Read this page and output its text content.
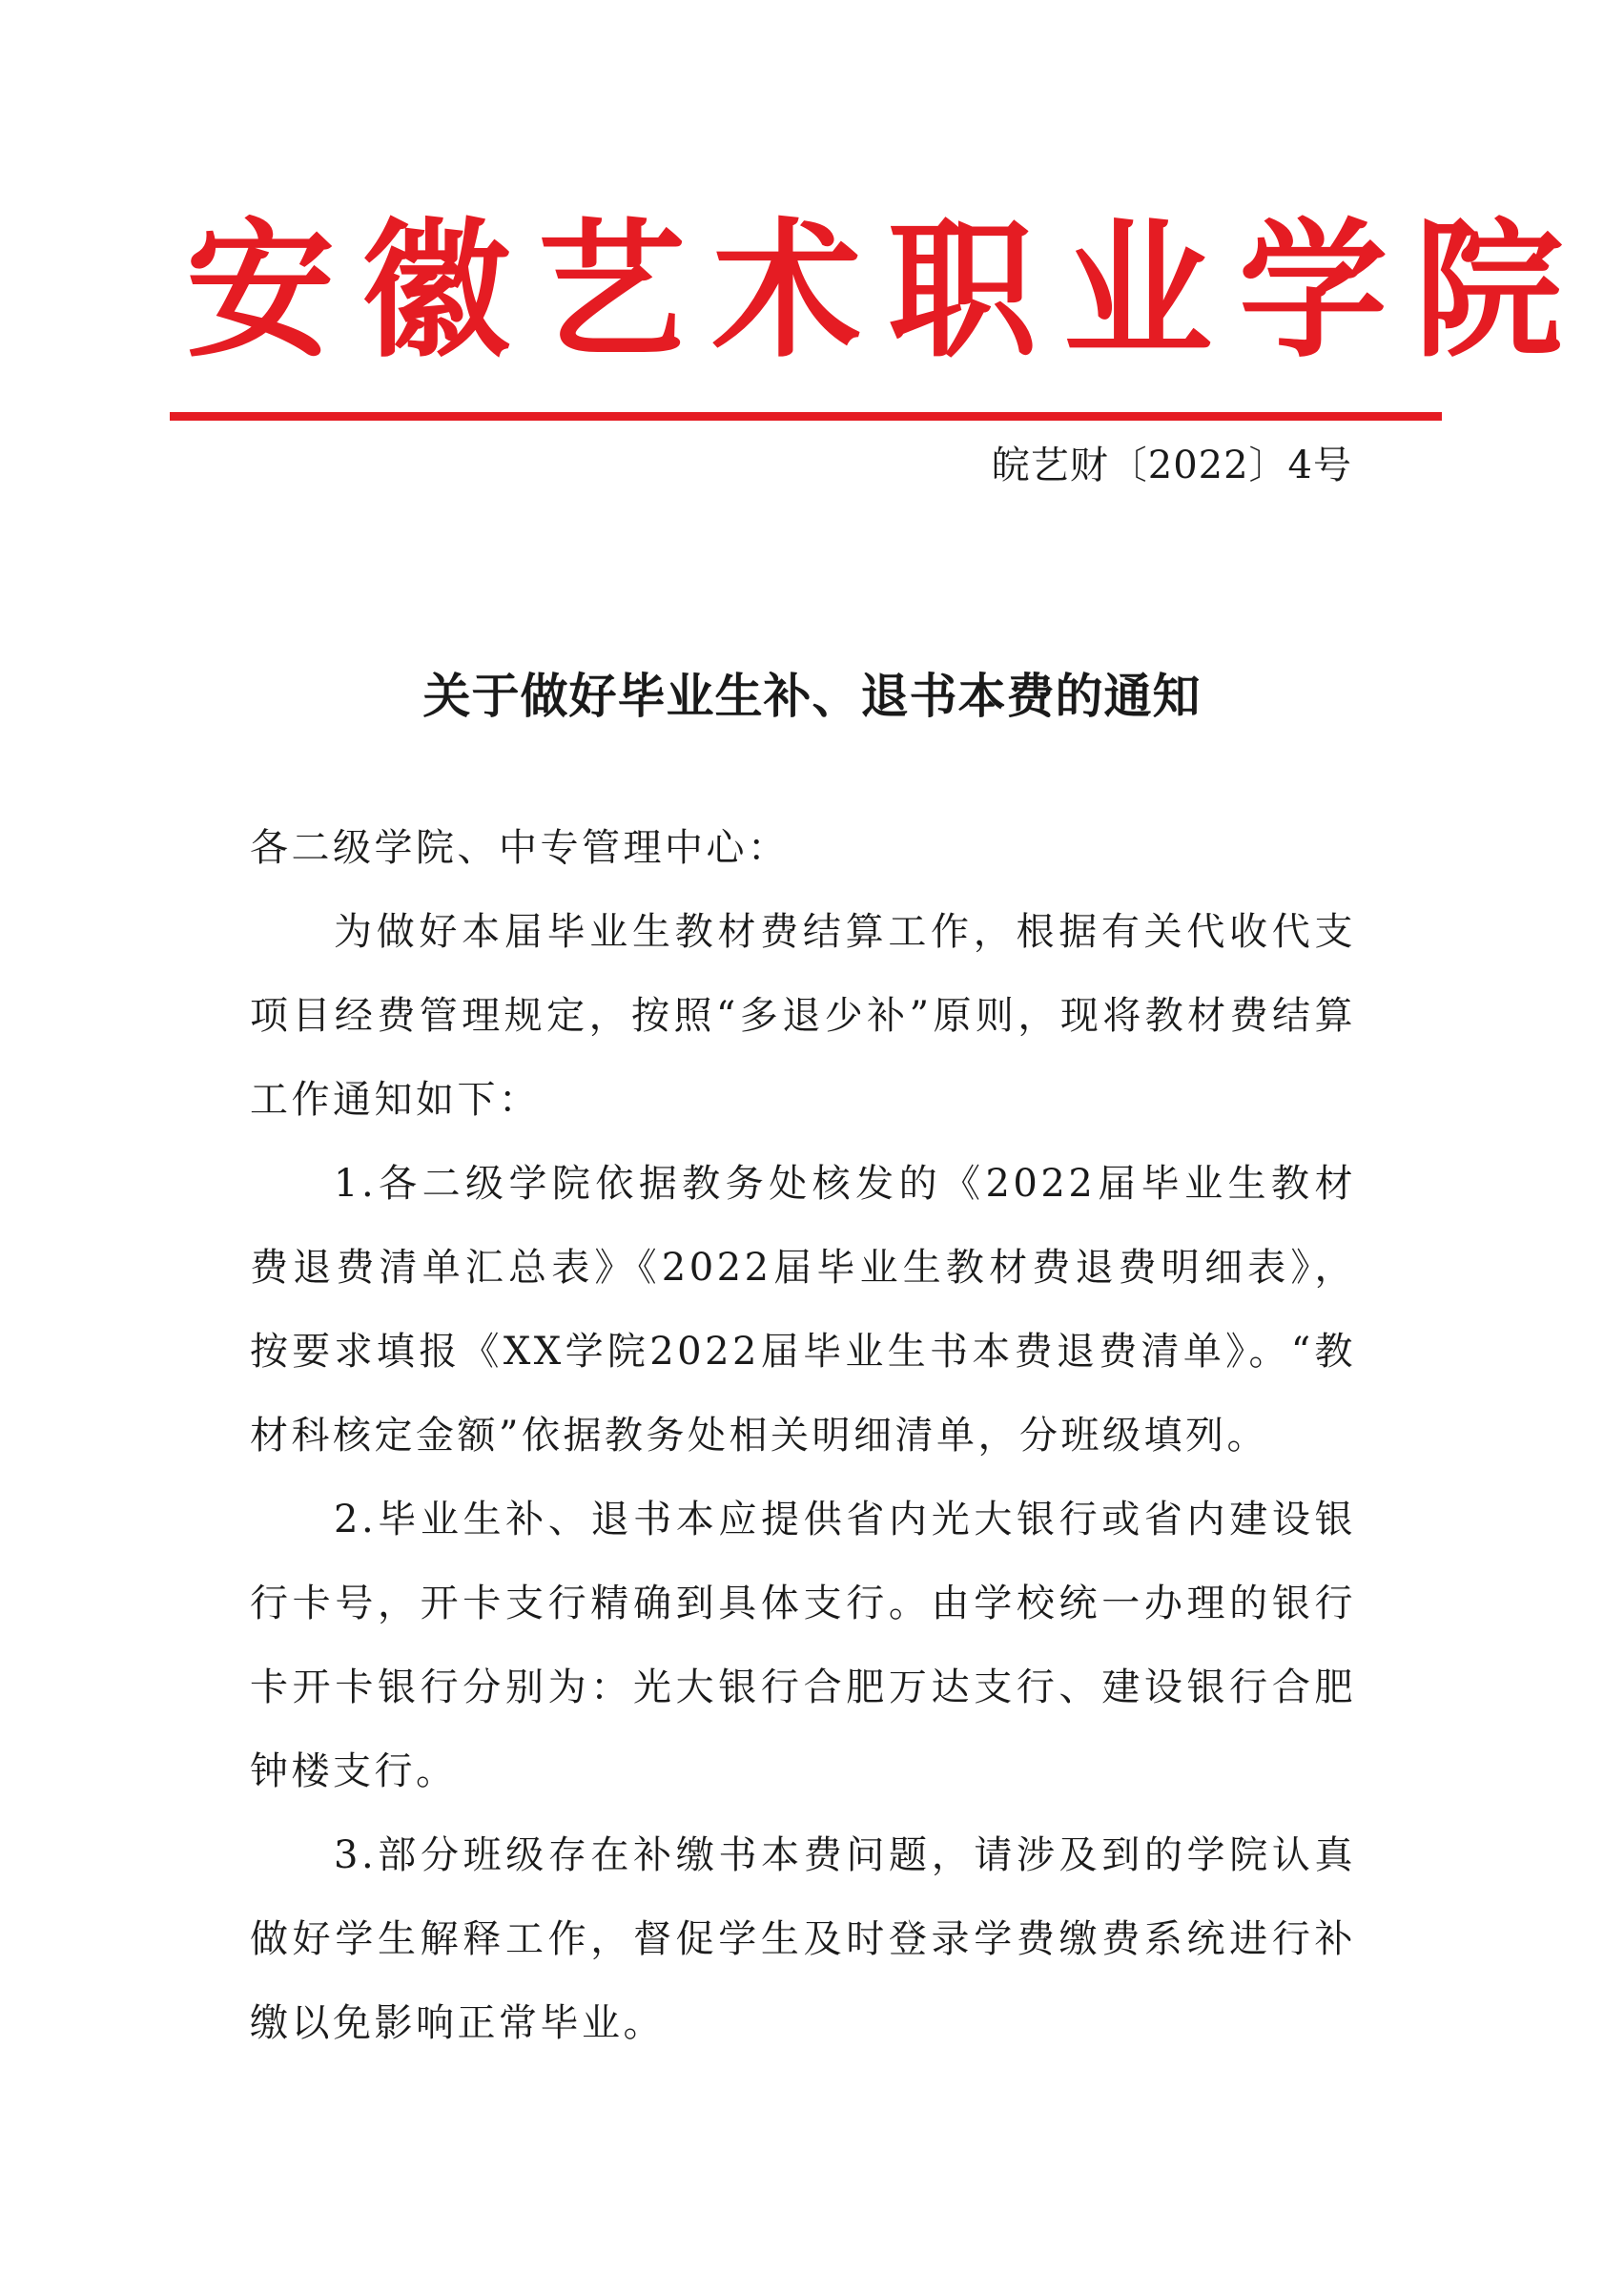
安徽艺术职业学院
皖艺财〔2022〕4号
关于做好毕业生补、退书本费的通知

各二级学院、中专管理中心：

为做好本届毕业生教材费结算工作，根据有关代收代支项目经费管理规定，按照“多退少补”原则，现将教材费结算工作通知如下：

1.各二级学院依据教务处核发的《2022届毕业生教材费退费清单汇总表》《2022届毕业生教材费退费明细表》，按要求填报《XX学院2022届毕业生书本费退费清单》。“教材科核定金额”依据教务处相关明细清单，分班级填列。

2.毕业生补、退书本应提供省内光大银行或省内建设银行卡号，开卡支行精确到具体支行。由学校统一办理的银行卡开卡银行分别为：光大银行合肥万达支行、建设银行合肥钟楼支行。

3.部分班级存在补缴书本费问题，请涉及到的学院认真做好学生解释工作，督促学生及时登录学费缴费系统进行补缴以免影响正常毕业。
